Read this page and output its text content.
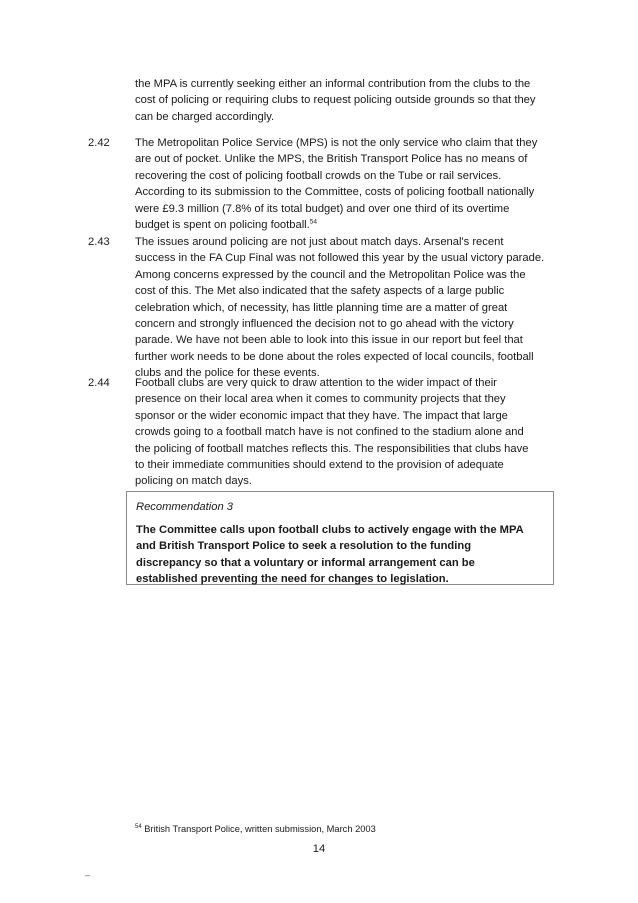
the MPA is currently seeking either an informal contribution from the clubs to the
cost of policing or requiring clubs to request policing outside grounds so that they
can be charged accordingly.
2.42 The Metropolitan Police Service (MPS) is not the only service who claim that they
are out of pocket. Unlike the MPS, the British Transport Police has no means of
recovering the cost of policing football crowds on the Tube or rail services.
According to its submission to the Committee, costs of policing football nationally
were £9.3 million (7.8% of its total budget) and over one third of its overtime
budget is spent on policing football.$^{54}$
2.43 The issues around policing are not just about match days. Arsenal's recent
success in the FA Cup Final was not followed this year by the usual victory parade.
Among concerns expressed by the council and the Metropolitan Police was the
cost of this. The Met also indicated that the safety aspects of a large public
celebration which, of necessity, has little planning time are a matter of great
concern and strongly influenced the decision not to go ahead with the victory
parade. We have not been able to look into this issue in our report but feel that
further work needs to be done about the roles expected of local councils, football
clubs and the police for these events.
2.44 Football clubs are very quick to draw attention to the wider impact of their
presence on their local area when it comes to community projects that they
sponsor or the wider economic impact that they have. The impact that large
crowds going to a football match have is not confined to the stadium alone and
the policing of football matches reflects this. The responsibilities that clubs have
to their immediate communities should extend to the provision of adequate
policing on match days.
Recommendation 3
The Committee calls upon football clubs to actively engage with the MPA
and British Transport Police to seek a resolution to the funding
discrepancy so that a voluntary or informal arrangement can be
established preventing the need for changes to legislation.
$^{54}$ British Transport Police, written submission, March 2003
14
–
